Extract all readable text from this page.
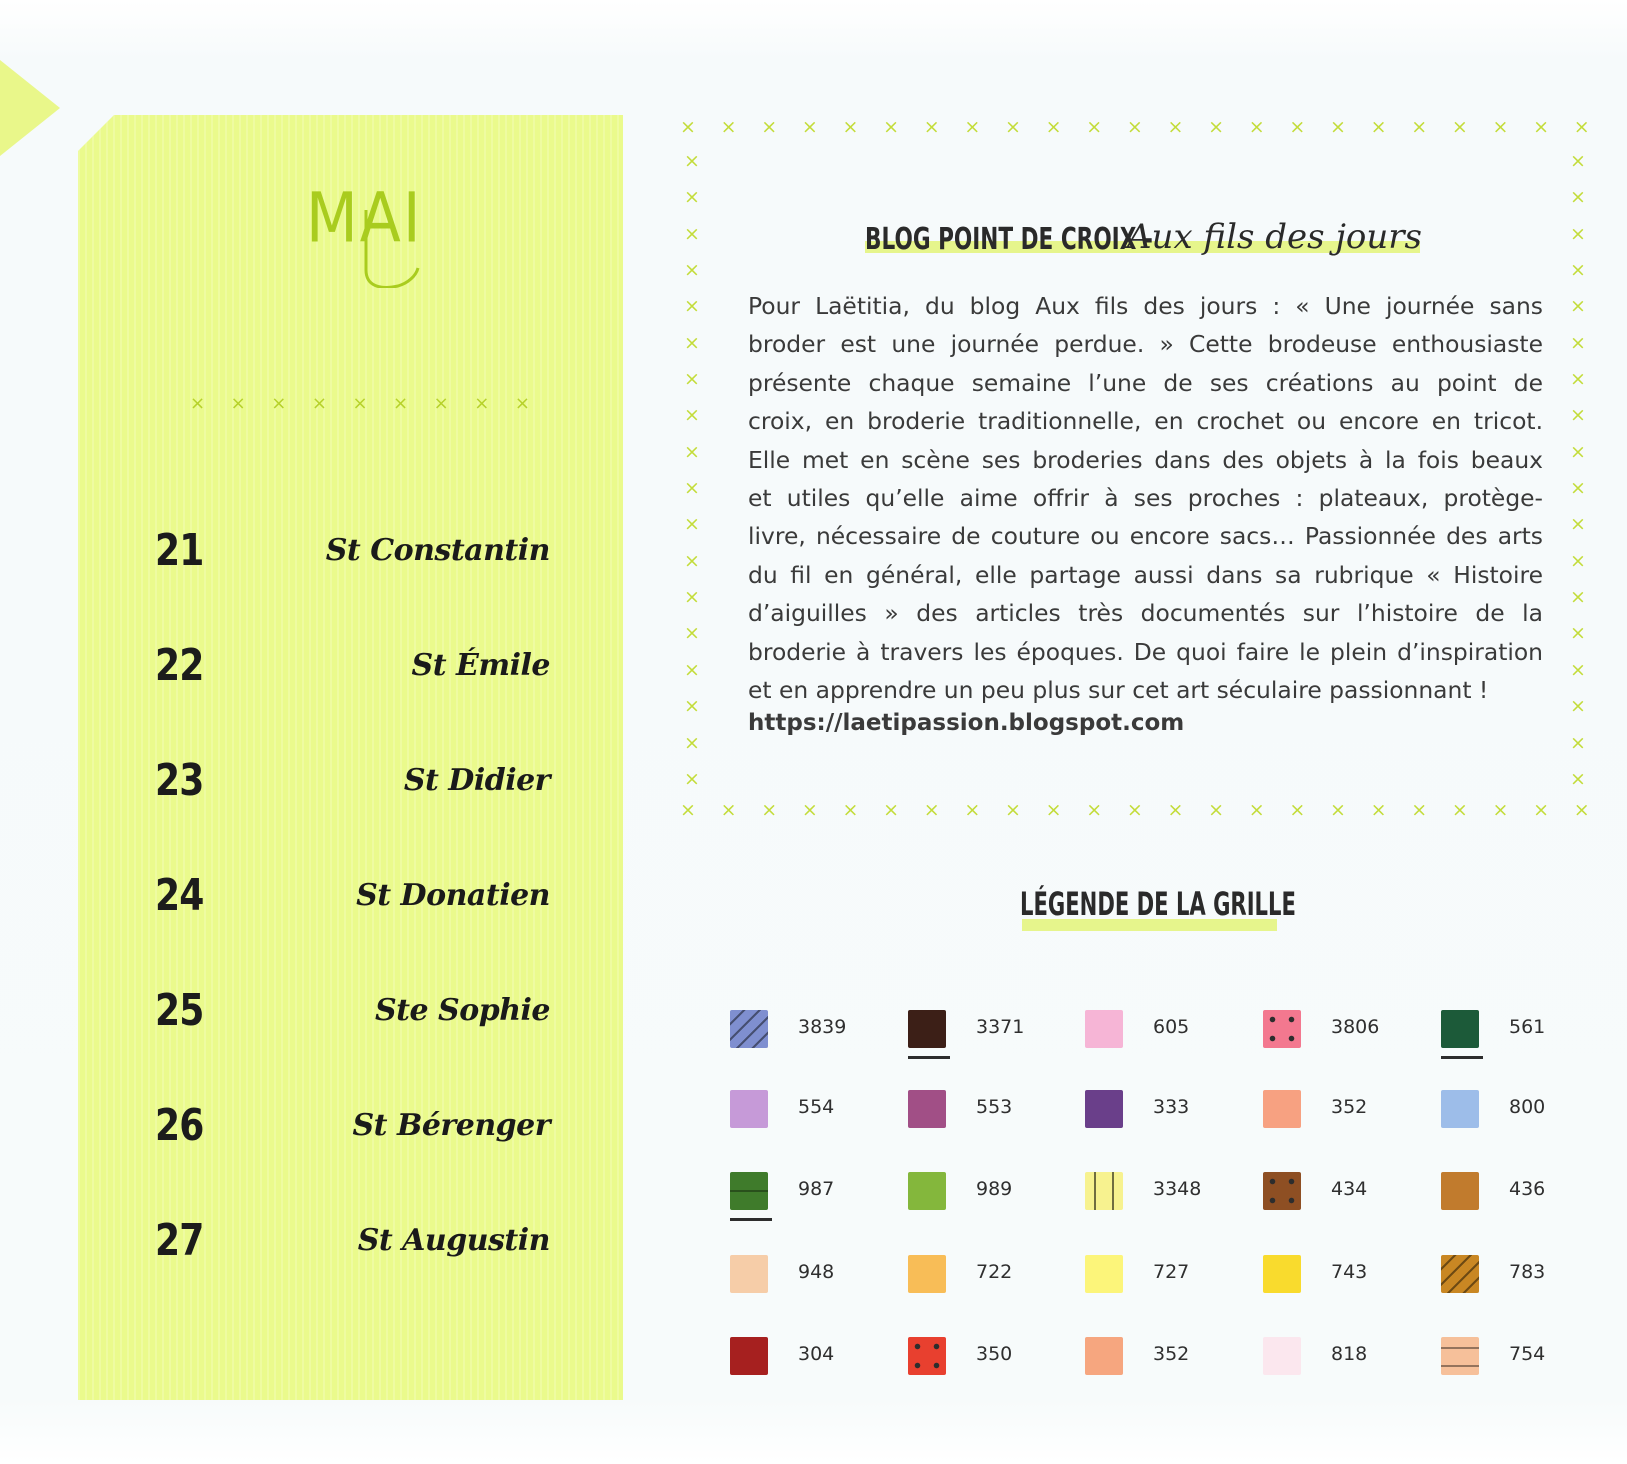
MAI
× × × × × × × × ×
21	St Constantin
22	St Émile
23	St Didier
24	St Donatien
25	Ste Sophie
26	St Bérenger
27	St Augustin
× × × × × × × × × × × × × × × × × × × × × × ×
× × × × × × × × × × × × × × × × × × × × × × ×
×
×
×
×
×
×
×
×
×
×
×
×
×
×
×
×
×
×
×
×
×
×
×
×
×
×
×
×
×
×
×
×
×
×
×
×
BLOG POINT DE CROIX -
Aux fils des jours
Pour Laëtitia, du blog Aux fils des jours : « Une journée sans
broder est une journée perdue. » Cette brodeuse enthousiaste
présente chaque semaine l’une de ses créations au point de
croix, en broderie traditionnelle, en crochet ou encore en tricot.
Elle met en scène ses broderies dans des objets à la fois beaux
et utiles qu’elle aime offrir à ses proches : plateaux, protège-
livre, nécessaire de couture ou encore sacs… Passionnée des arts
du fil en général, elle partage aussi dans sa rubrique « Histoire
d’aiguilles » des articles très documentés sur l’histoire de la
broderie à travers les époques. De quoi faire le plein d’inspiration
et en apprendre un peu plus sur cet art séculaire passionnant !
https://laetipassion.blogspot.com
LÉGENDE DE LA GRILLE
3839	3371	605	3806	561
554	553	333	352	800
987	989	3348	434	436
948	722	727	743	783
304	350	352	818	754
